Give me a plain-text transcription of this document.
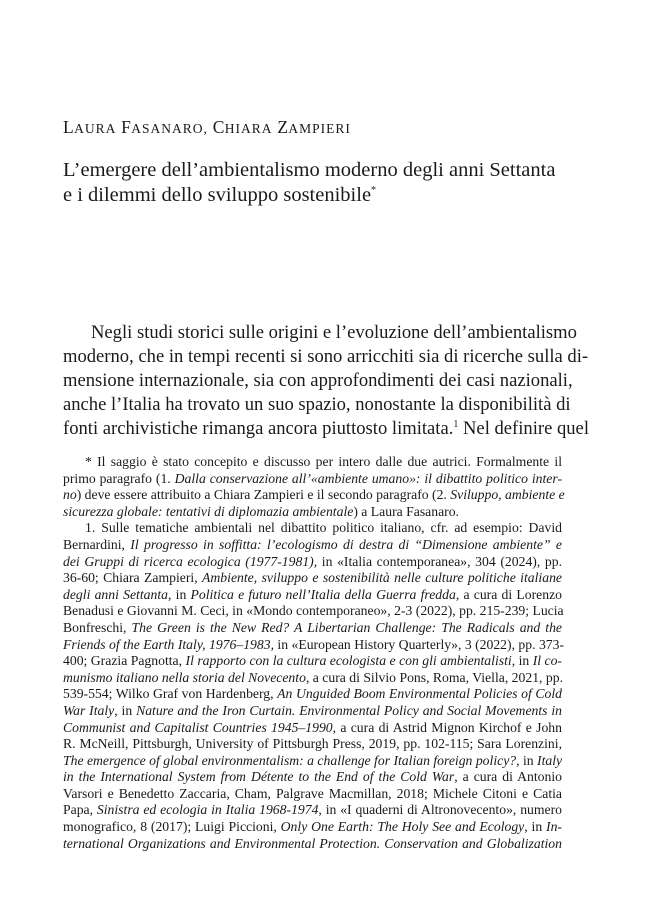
LAURA FASANARO, CHIARA ZAMPIERI
L’emergere dell’ambientalismo moderno degli anni Settanta
e i dilemmi dello sviluppo sostenibile*
Negli studi storici sulle origini e l’evoluzione dell’ambientalismo
moderno, che in tempi recenti si sono arricchiti sia di ricerche sulla di-
mensione internazionale, sia con approfondimenti dei casi nazionali,
anche l’Italia ha trovato un suo spazio, nonostante la disponibilità di
fonti archivistiche rimanga ancora piuttosto limitata.$^1$ Nel definire quel
* Il saggio è stato concepito e discusso per intero dalle due autrici. Formalmente il
primo paragrafo (1. Dalla conservazione all’«ambiente umano»: il dibattito politico inter-
no) deve essere attribuito a Chiara Zampieri e il secondo paragrafo (2. Sviluppo, ambiente e
sicurezza globale: tentativi di diplomazia ambientale) a Laura Fasanaro.
1. Sulle tematiche ambientali nel dibattito politico italiano, cfr. ad esempio: David
Bernardini, Il progresso in soffitta: l’ecologismo di destra di “Dimensione ambiente” e
dei Gruppi di ricerca ecologica (1977-1981), in «Italia contemporanea», 304 (2024), pp.
36-60; Chiara Zampieri, Ambiente, sviluppo e sostenibilità nelle culture politiche italiane
degli anni Settanta, in Politica e futuro nell’Italia della Guerra fredda, a cura di Lorenzo
Benadusi e Giovanni M. Ceci, in «Mondo contemporaneo», 2-3 (2022), pp. 215-239; Lucia
Bonfreschi, The Green is the New Red? A Libertarian Challenge: The Radicals and the
Friends of the Earth Italy, 1976–1983, in «European History Quarterly», 3 (2022), pp. 373-
400; Grazia Pagnotta, Il rapporto con la cultura ecologista e con gli ambientalisti, in Il co-
munismo italiano nella storia del Novecento, a cura di Silvio Pons, Roma, Viella, 2021, pp.
539-554; Wilko Graf von Hardenberg, An Unguided Boom Environmental Policies of Cold
War Italy, in Nature and the Iron Curtain. Environmental Policy and Social Movements in
Communist and Capitalist Countries 1945–1990, a cura di Astrid Mignon Kirchof e John
R. McNeill, Pittsburgh, University of Pittsburgh Press, 2019, pp. 102-115; Sara Lorenzini,
The emergence of global environmentalism: a challenge for Italian foreign policy?, in Italy
in the International System from Détente to the End of the Cold War, a cura di Antonio
Varsori e Benedetto Zaccaria, Cham, Palgrave Macmillan, 2018; Michele Citoni e Catia
Papa, Sinistra ed ecologia in Italia 1968-1974, in «I quaderni di Altronovecento», numero
monografico, 8 (2017); Luigi Piccioni, Only One Earth: The Holy See and Ecology, in In-
ternational Organizations and Environmental Protection. Conservation and Globalization
